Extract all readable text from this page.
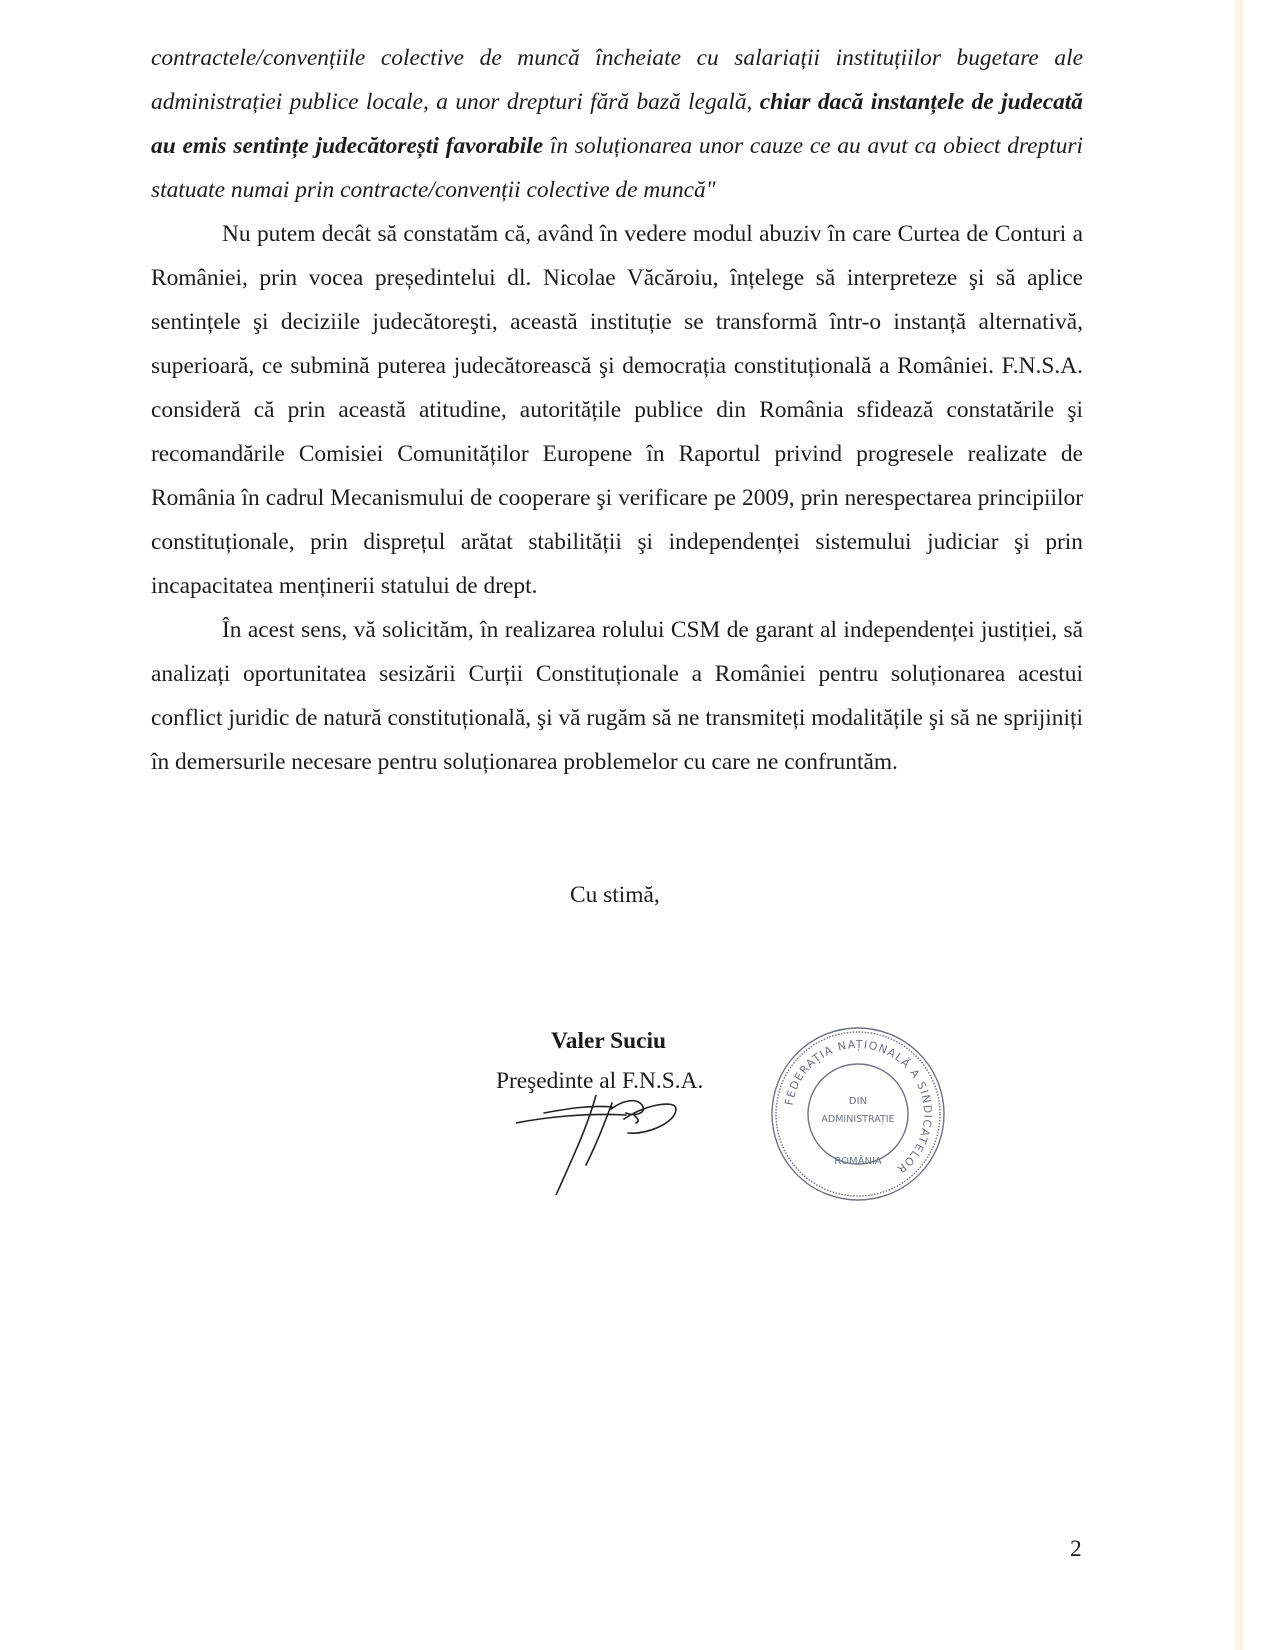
contractele/convențiile colective de muncă încheiate cu salariații instituțiilor bugetare ale administrației publice locale, a unor drepturi fără bază legală, chiar dacă instanțele de judecată au emis sentințe judecătorești favorabile în soluționarea unor cauze ce au avut ca obiect drepturi statuate numai prin contracte/convenții colective de muncă"

Nu putem decât să constatăm că, având în vedere modul abuziv în care Curtea de Conturi a României, prin vocea președintelui dl. Nicolae Văcăroiu, înțelege să interpreteze şi să aplice sentințele şi deciziile judecătoreşti, această instituție se transformă într-o instanță alternativă, superioară, ce submină puterea judecătorească şi democrația constituțională a României. F.N.S.A. consideră că prin această atitudine, autoritățile publice din România sfidează constatările şi recomandările Comisiei Comunităților Europene în Raportul privind progresele realizate de România în cadrul Mecanismului de cooperare şi verificare pe 2009, prin nerespectarea principiilor constituționale, prin disprețul arătat stabilității şi independenței sistemului judiciar şi prin incapacitatea menținerii statului de drept.

În acest sens, vă solicităm, în realizarea rolului CSM de garant al independenței justiției, să analizați oportunitatea sesizării Curții Constituționale a României pentru soluționarea acestui conflict juridic de natură constituțională, şi vă rugăm să ne transmiteți modalitățile şi să ne sprijiniți în demersurile necesare pentru soluționarea problemelor cu care ne confruntăm.

Cu stimă,

Valer Suciu

Preşedinte al F.N.S.A.

FEDERAȚIA NAȚIONALĂ A SINDICATELOR
DIN
ADMINISTRAȚIE
ROMÂNIA

2
